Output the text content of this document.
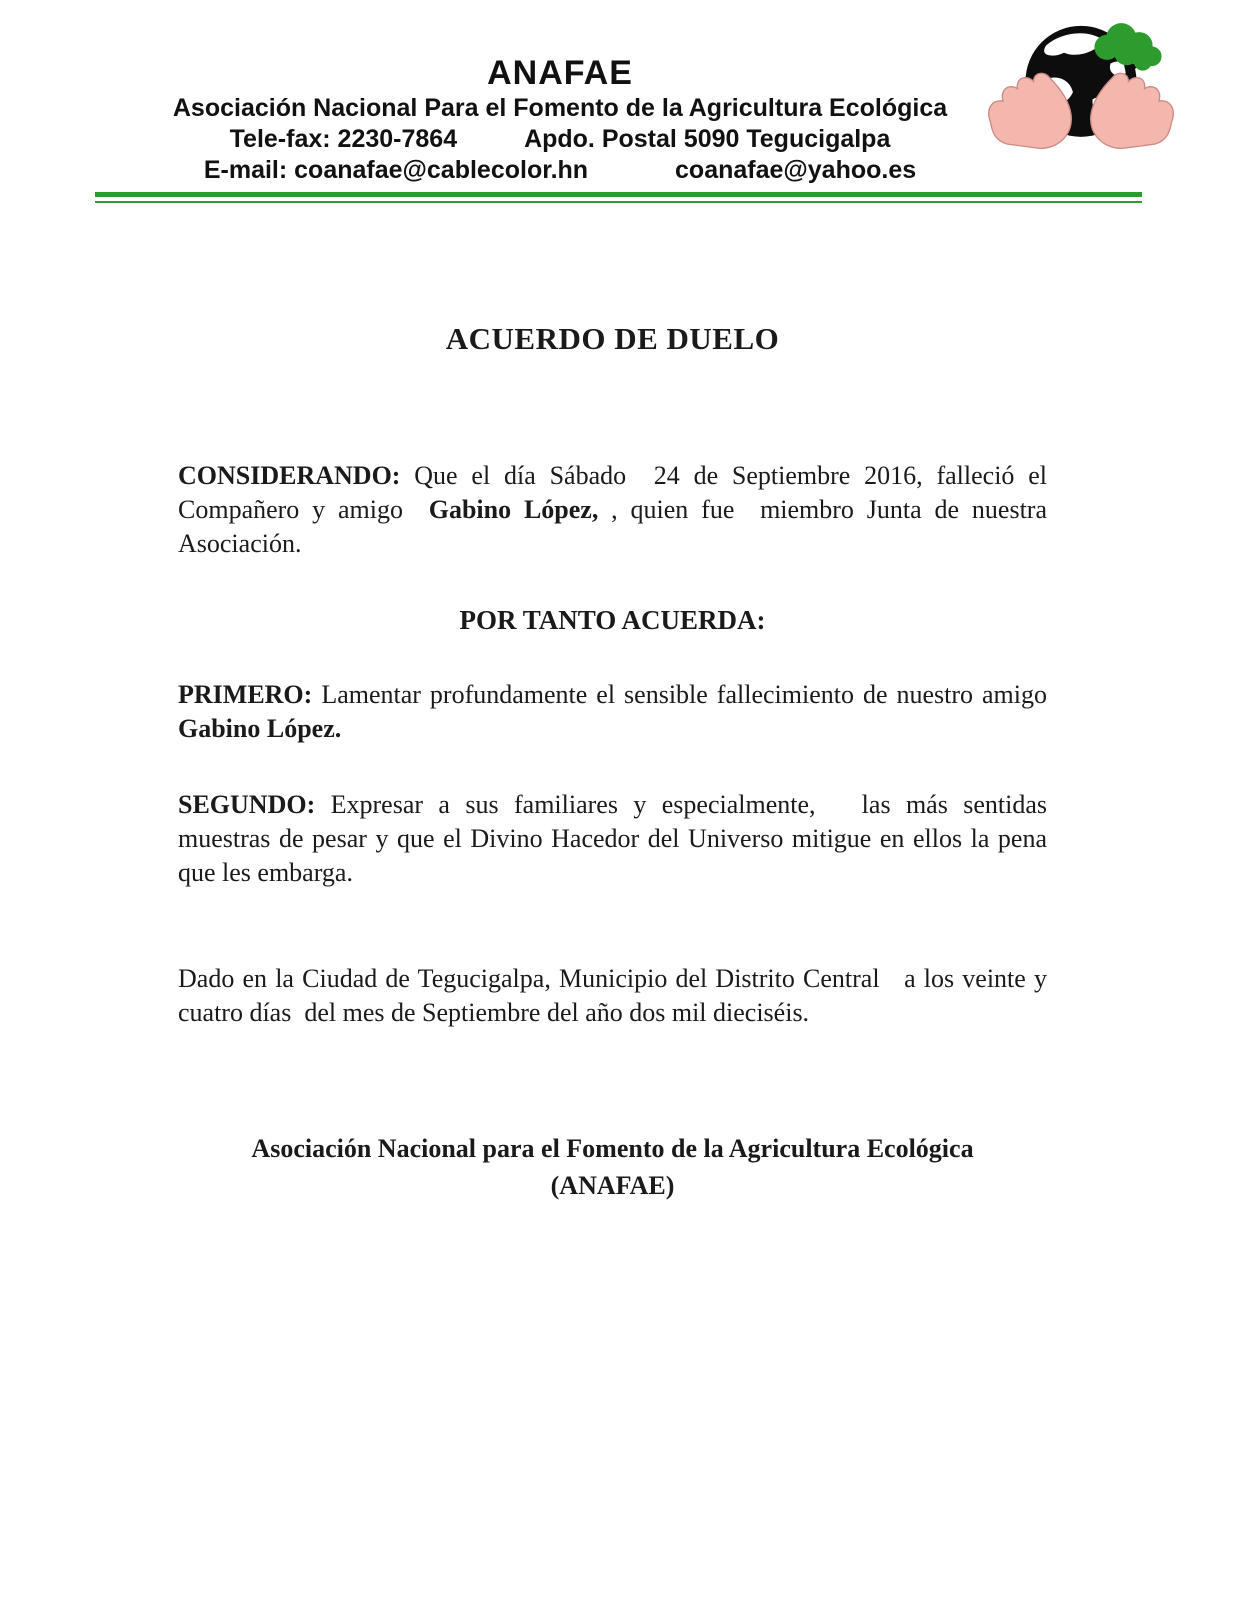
ANAFAE
Asociación Nacional Para el Fomento de la Agricultura Ecológica
Tele-fax: 2230-7864	Apdo. Postal 5090 Tegucigalpa
E-mail: coanafae@cablecolor.hn	coanafae@yahoo.es
ACUERDO DE DUELO

CONSIDERANDO: Que el día Sábado  24 de Septiembre 2016, falleció el Compañero y amigo  Gabino López, , quien fue  miembro Junta de nuestra Asociación.

POR TANTO ACUERDA:

PRIMERO: Lamentar profundamente el sensible fallecimiento de nuestro amigo  Gabino López.

SEGUNDO: Expresar a sus familiares y especialmente,   las más sentidas muestras de pesar y que el Divino Hacedor del Universo mitigue en ellos la pena que les embarga.

Dado en la Ciudad de Tegucigalpa, Municipio del Distrito Central   a los veinte y cuatro días  del mes de Septiembre del año dos mil dieciséis.

Asociación Nacional para el Fomento de la Agricultura Ecológica
(ANAFAE)
